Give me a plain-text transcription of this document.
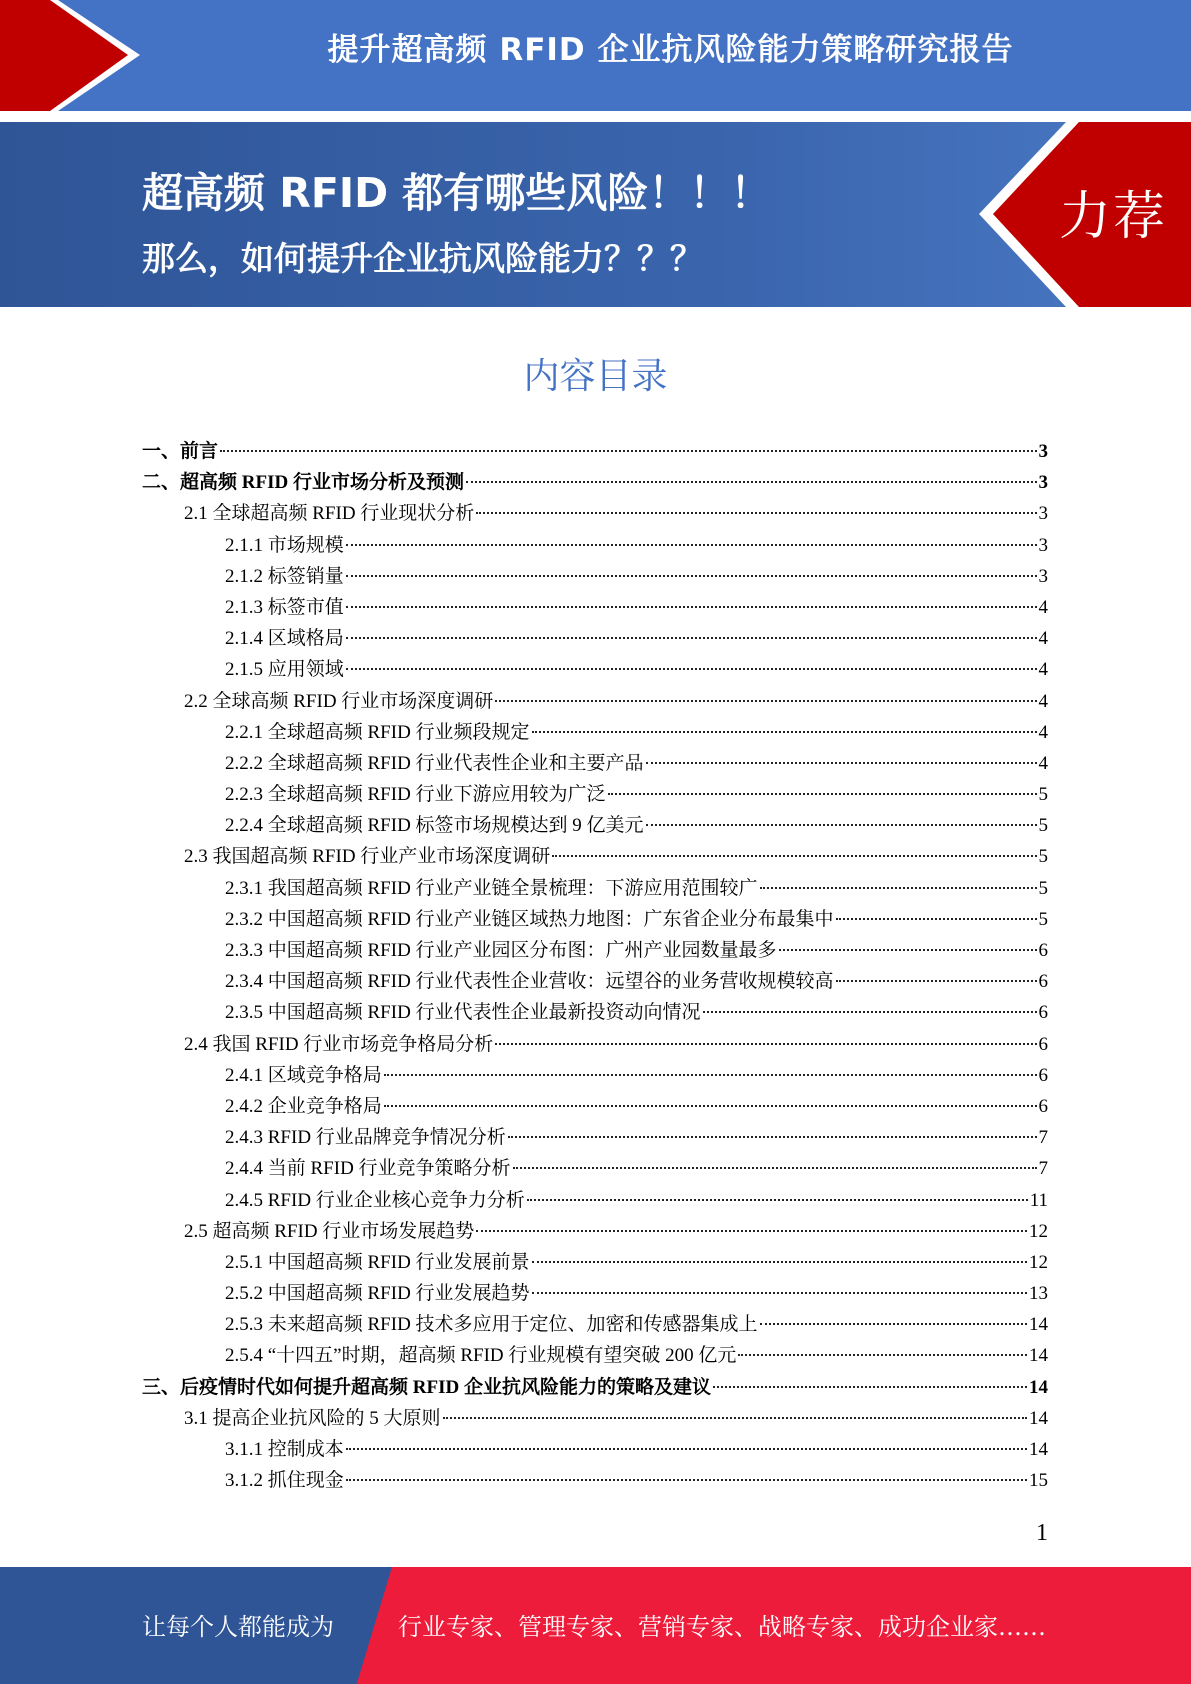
提升超高频 RFID 企业抗风险能力策略研究报告
超高频 RFID 都有哪些风险！！！
那么，如何提升企业抗风险能力？？？
力荐
内容目录
一、前言	3
二、超高频 RFID 行业市场分析及预测	3
2.1 全球超高频 RFID 行业现状分析	3
2.1.1 市场规模	3
2.1.2 标签销量	3
2.1.3 标签市值	4
2.1.4 区域格局	4
2.1.5 应用领域	4
2.2 全球高频 RFID 行业市场深度调研	4
2.2.1 全球超高频 RFID 行业频段规定	4
2.2.2 全球超高频 RFID 行业代表性企业和主要产品	4
2.2.3 全球超高频 RFID 行业下游应用较为广泛	5
2.2.4 全球超高频 RFID 标签市场规模达到 9 亿美元	5
2.3 我国超高频 RFID 行业产业市场深度调研	5
2.3.1 我国超高频 RFID 行业产业链全景梳理：下游应用范围较广	5
2.3.2 中国超高频 RFID 行业产业链区域热力地图：广东省企业分布最集中	5
2.3.3 中国超高频 RFID 行业产业园区分布图：广州产业园数量最多	6
2.3.4 中国超高频 RFID 行业代表性企业营收：远望谷的业务营收规模较高	6
2.3.5 中国超高频 RFID 行业代表性企业最新投资动向情况	6
2.4 我国 RFID 行业市场竞争格局分析	6
2.4.1 区域竞争格局	6
2.4.2 企业竞争格局	6
2.4.3 RFID 行业品牌竞争情况分析	7
2.4.4 当前 RFID 行业竞争策略分析	7
2.4.5 RFID 行业企业核心竞争力分析	11
2.5 超高频 RFID 行业市场发展趋势	12
2.5.1 中国超高频 RFID 行业发展前景	12
2.5.2 中国超高频 RFID 行业发展趋势	13
2.5.3 未来超高频 RFID 技术多应用于定位、加密和传感器集成上	14
2.5.4 “十四五”时期，超高频 RFID 行业规模有望突破 200 亿元	14
三、后疫情时代如何提升超高频 RFID 企业抗风险能力的策略及建议	14
3.1 提高企业抗风险的 5 大原则	14
3.1.1 控制成本	14
3.1.2 抓住现金	15
1
让每个人都能成为	行业专家、管理专家、营销专家、战略专家、成功企业家……
